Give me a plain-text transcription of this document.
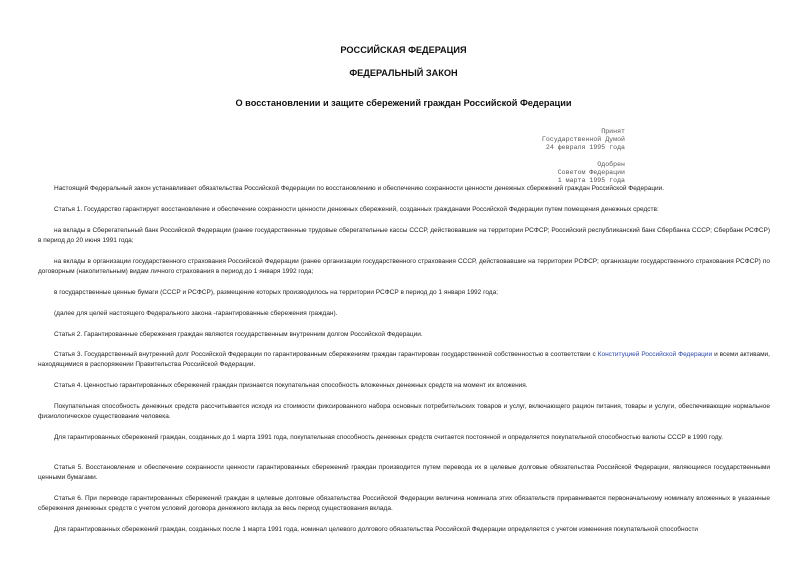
РОССИЙСКАЯ ФЕДЕРАЦИЯ
ФЕДЕРАЛЬНЫЙ ЗАКОН
О восстановлении и защите сбережений граждан Российской Федерации
Принят
Государственной Думой
24 февраля 1995 года
Одобрен
Советом Федерации
1 марта 1995 года
Настоящий Федеральный закон устанавливает обязательства Российской Федерации по восстановлению и обеспечению сохранности ценности денежных сбережений граждан Российской Федерации.
Статья 1. Государство гарантирует восстановление и обеспечение сохранности ценности денежных сбережений, созданных гражданами Российской Федерации путем помещения денежных средств:
на вклады в Сберегательный банк Российской Федерации (ранее государственные трудовые сберегательные кассы СССР, действовавшие на территории РСФСР; Российский республиканский банк Сбербанка СССР; Сбербанк РСФСР) в период до 20 июня 1991 года;
на вклады в организации государственного страхования Российской Федерации (ранее организации государственного страхования СССР, действовавшие на территории РСФСР; организации государственного страхования РСФСР) по договорным (накопительным) видам личного страхования в период до 1 января 1992 года;
в государственные ценные бумаги (СССР и РСФСР), размещение которых производилось на территории РСФСР в период до 1 января 1992 года;
(далее для целей настоящего Федерального закона -гарантированные сбережения граждан).
Статья 2. Гарантированные сбережения граждан являются государственным внутренним долгом Российской Федерации.
Статья 3. Государственный внутренний долг Российской Федерации по гарантированным сбережениям граждан гарантирован государственной собственностью в соответствии с Конституцией Российской Федерации и всеми активами, находящимися в распоряжении Правительства Российской Федерации.
Статья 4. Ценностью гарантированных сбережений граждан признается покупательная способность вложенных денежных средств на момент их вложения.
Покупательная способность денежных средств рассчитывается исходя из стоимости фиксированного набора основных потребительских товаров и услуг, включающего рацион питания, товары и услуги, обеспечивающие нормальное физиологическое существование человека.
Для гарантированных сбережений граждан, созданных до 1 марта 1991 года, покупательная способность денежных средств считается постоянной и определяется покупательной способностью валюты СССР в 1990 году.
Статья 5. Восстановление и обеспечение сохранности ценности гарантированных сбережений граждан производится путем перевода их в целевые долговые обязательства Российской Федерации, являющиеся государственными ценными бумагами.
Статья 6. При переводе гарантированных сбережений граждан в целевые долговые обязательства Российской Федерации величина номинала этих обязательств приравнивается первоначальному номиналу вложенных в указанные сбережения денежных средств с учетом условий договора денежного вклада за весь период существования вклада.
Для гарантированных сбережений граждан, созданных после 1 марта 1991 года, номинал целевого долгового обязательства Российской Федерации определяется с учетом изменения покупательной способности
